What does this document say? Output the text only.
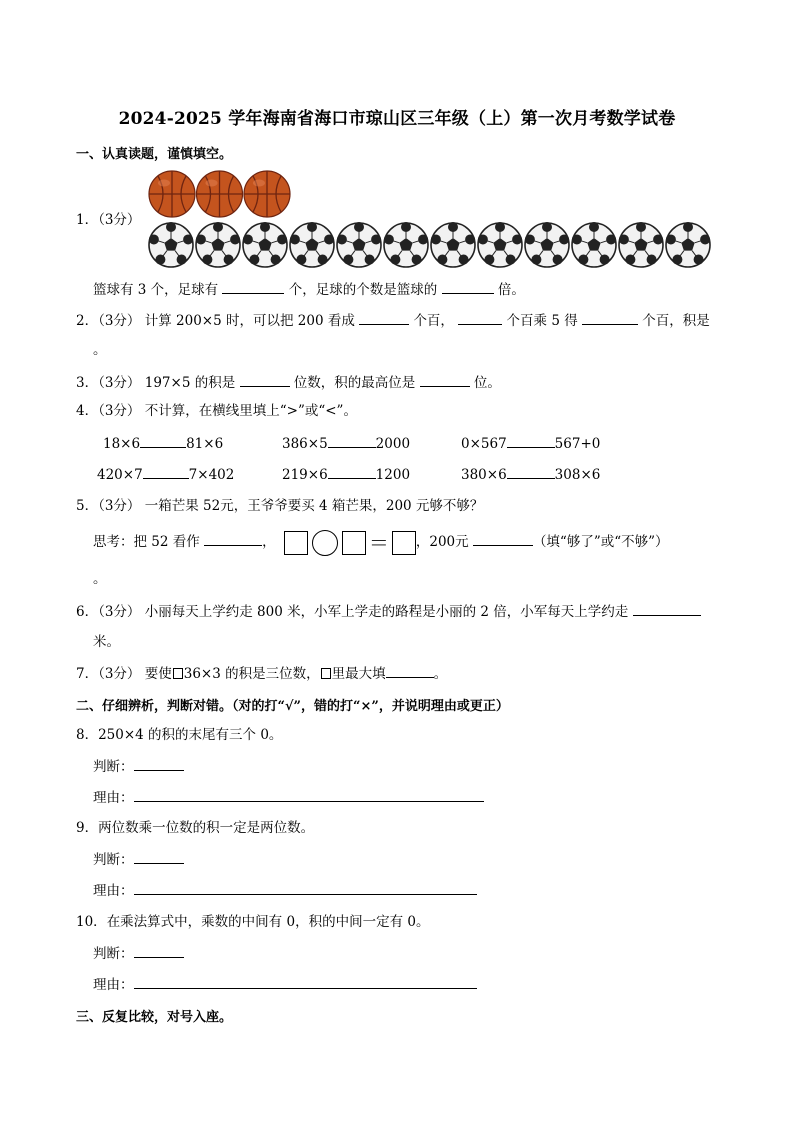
2024-2025 学年海南省海口市琼山区三年级（上）第一次月考数学试卷
一、认真读题，谨慎填空。
1．（3分）
篮球有 3 个，足球有	个，足球的个数是篮球的	倍。
2．（3分） 计算 200×5 时，可以把 200 看成	个百，	个百乘 5 得	个百，积是
。
3．（3分） 197×5 的积是	位数，积的最高位是	位。
4．（3分） 不计算，在横线里填上“>”或“<”。
18×6	81×6	386×5	2000	0×567	567+0
420×7	7×402	219×6	1200	380×6	308×6
5．（3分） 一箱芒果 52元，王爷爷要买 4 箱芒果，200 元够不够？
思考：把 52 看作	，	＝ ，200元	（填“够了”或“不够”）
。
6．（3分） 小丽每天上学约走 800 米，小军上学走的路程是小丽的 2 倍，小军每天上学约走
米。
7．（3分） 要使 36×3 的积是三位数， 里最大填	。
二、仔细辨析，判断对错。（对的打“√”，错的打“×”，并说明理由或更正）
8．250×4 的积的末尾有三个 0。
判断：
理由：
9．两位数乘一位数的积一定是两位数。
判断：
理由：
10．在乘法算式中，乘数的中间有 0，积的中间一定有 0。
判断：
理由：
三、反复比较，对号入座。
